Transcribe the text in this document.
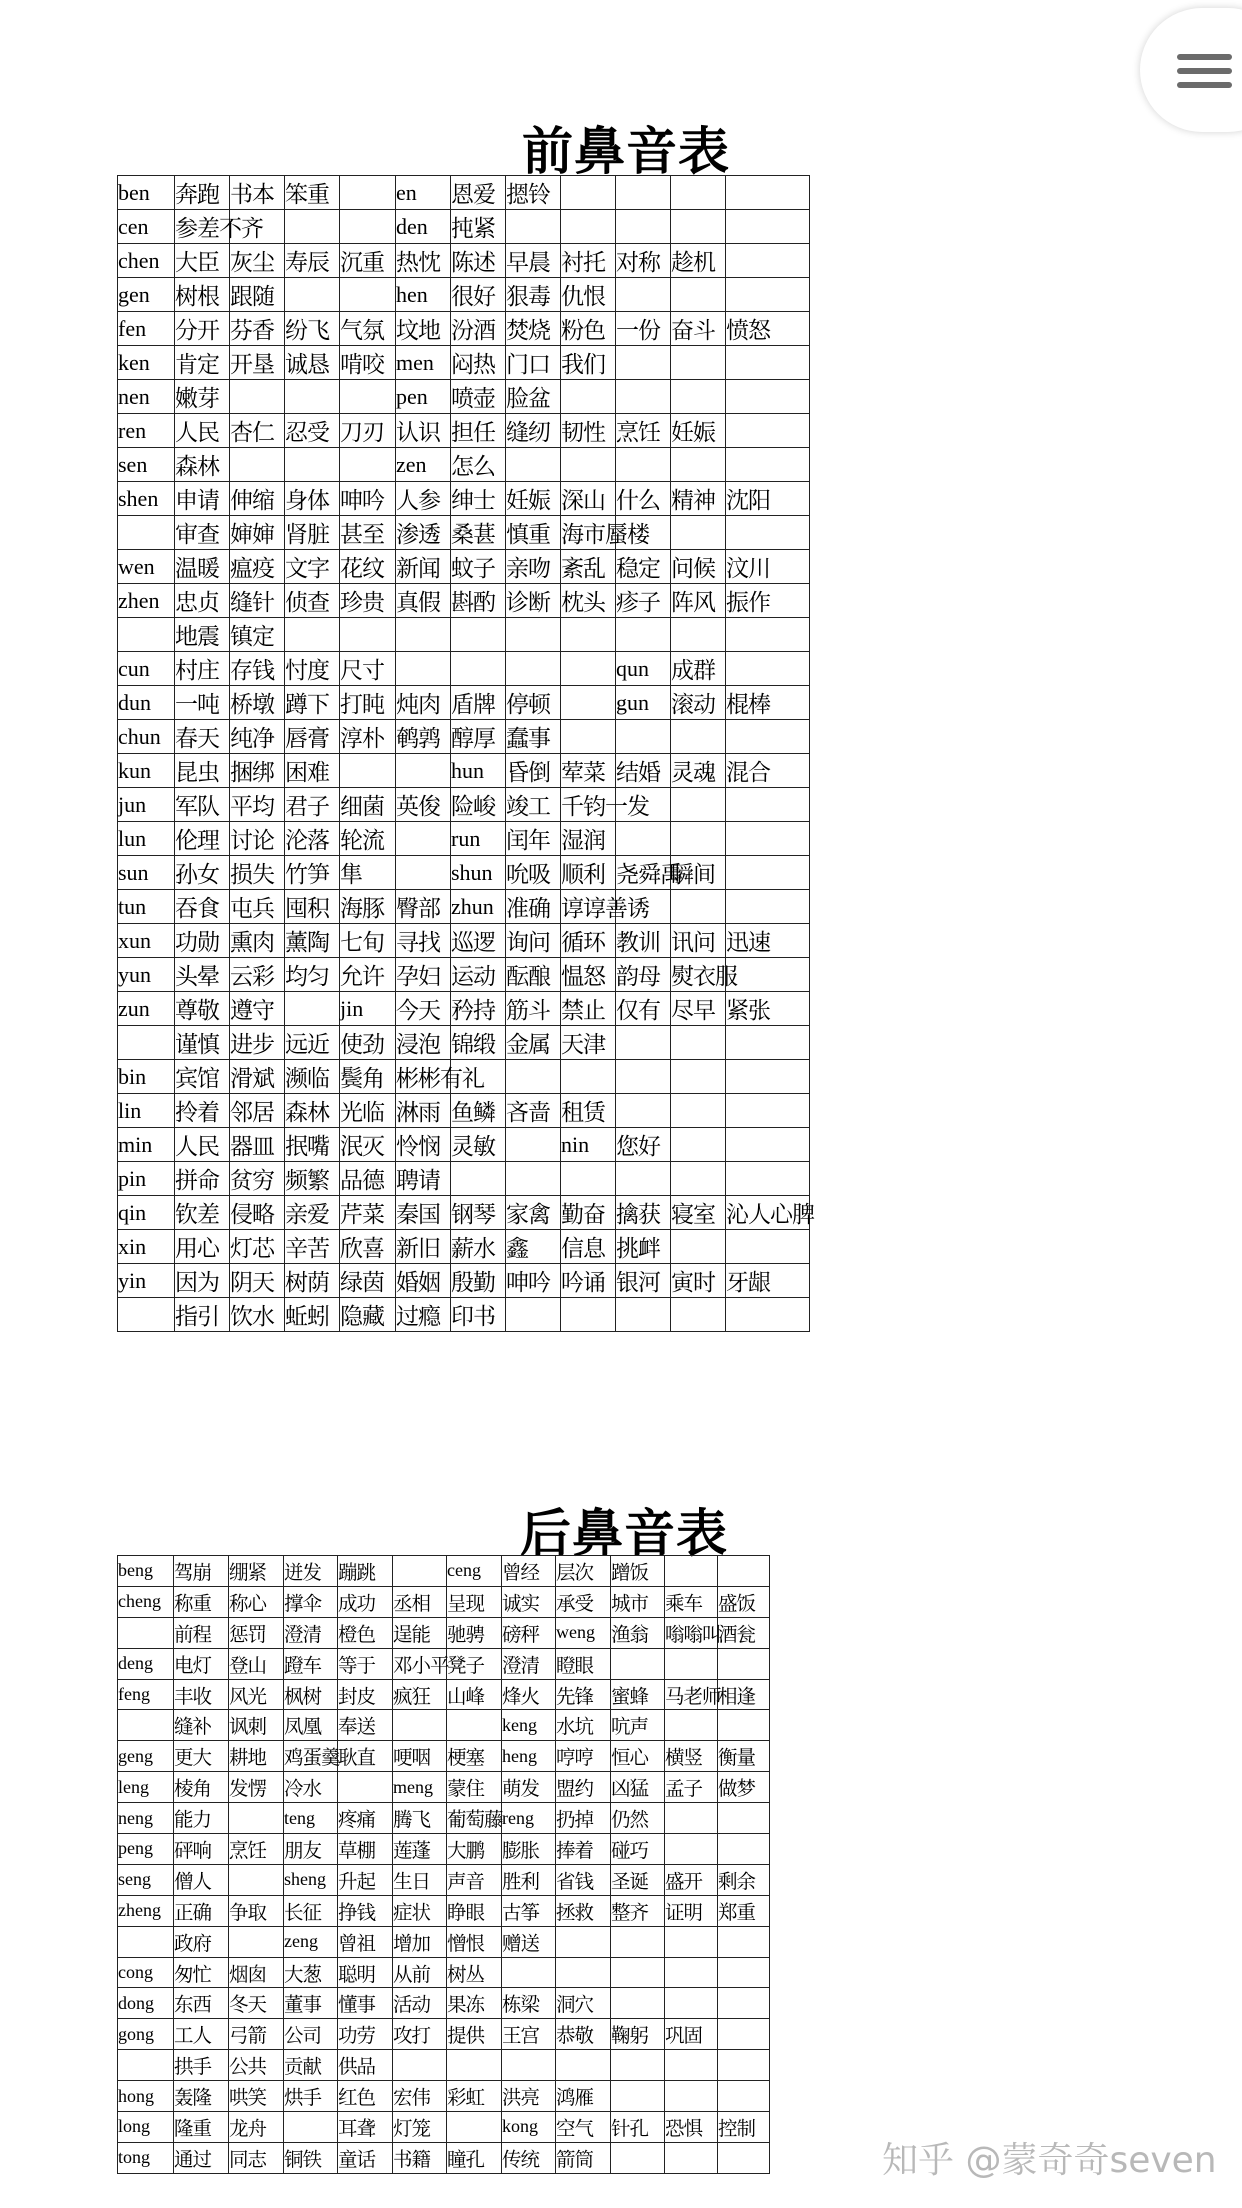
前鼻音表
ben	奔跑	书本	笨重		en	恩爱	摁铃				
cen	参差不齐				den	扽紧					
chen	大臣	灰尘	寿辰	沉重	热忱	陈述	早晨	衬托	对称	趁机	
gen	树根	跟随			hen	很好	狠毒	仇恨			
fen	分开	芬香	纷飞	气氛	坟地	汾酒	焚烧	粉色	一份	奋斗	愤怒
ken	肯定	开垦	诚恳	啃咬	men	闷热	门口	我们			
nen	嫩芽				pen	喷壶	脸盆				
ren	人民	杏仁	忍受	刀刃	认识	担任	缝纫	韧性	烹饪	妊娠	
sen	森林				zen	怎么					
shen	申请	伸缩	身体	呻吟	人参	绅士	妊娠	深山	什么	精神	沈阳
	审查	婶婶	肾脏	甚至	渗透	桑葚	慎重	海市蜃楼			
wen	温暖	瘟疫	文字	花纹	新闻	蚊子	亲吻	紊乱	稳定	问候	汶川
zhen	忠贞	缝针	侦查	珍贵	真假	斟酌	诊断	枕头	疹子	阵风	振作
	地震	镇定									
cun	村庄	存钱	忖度	尺寸					qun	成群	
dun	一吨	桥墩	蹲下	打盹	炖肉	盾牌	停顿		gun	滚动	棍棒
chun	春天	纯净	唇膏	淳朴	鹌鹑	醇厚	蠢事				
kun	昆虫	捆绑	困难			hun	昏倒	荤菜	结婚	灵魂	混合
jun	军队	平均	君子	细菌	英俊	险峻	竣工	千钧一发			
lun	伦理	讨论	沦落	轮流		run	闰年	湿润			
sun	孙女	损失	竹笋	隼		shun	吮吸	顺利	尧舜禹	瞬间	
tun	吞食	屯兵	囤积	海豚	臀部	zhun	准确	谆谆善诱			
xun	功勋	熏肉	薰陶	七旬	寻找	巡逻	询问	循环	教训	讯问	迅速
yun	头晕	云彩	均匀	允许	孕妇	运动	酝酿	愠怒	韵母	熨衣服	
zun	尊敬	遵守		jin	今天	矜持	筋斗	禁止	仅有	尽早	紧张
	谨慎	进步	远近	使劲	浸泡	锦缎	金属	天津			
bin	宾馆	滑斌	濒临	鬓角	彬彬有礼						
lin	拎着	邻居	森林	光临	淋雨	鱼鳞	吝啬	租赁			
min	人民	器皿	抿嘴	泯灭	怜悯	灵敏		nin	您好		
pin	拼命	贫穷	频繁	品德	聘请						
qin	钦差	侵略	亲爱	芹菜	秦国	钢琴	家禽	勤奋	擒获	寝室	沁人心脾
xin	用心	灯芯	辛苦	欣喜	新旧	薪水	鑫	信息	挑衅		
yin	因为	阴天	树荫	绿茵	婚姻	殷勤	呻吟	吟诵	银河	寅时	牙龈
	指引	饮水	蚯蚓	隐藏	过瘾	印书					
后鼻音表
beng	驾崩	绷紧	迸发	蹦跳		ceng	曾经	层次	蹭饭		
cheng	称重	称心	撑伞	成功	丞相	呈现	诚实	承受	城市	乘车	盛饭
	前程	惩罚	澄清	橙色	逞能	驰骋	磅秤	weng	渔翁	嗡嗡叫	酒瓮
deng	电灯	登山	蹬车	等于	邓小平	凳子	澄清	瞪眼			
feng	丰收	风光	枫树	封皮	疯狂	山峰	烽火	先锋	蜜蜂	马老师	相逢
	缝补	讽刺	凤凰	奉送			keng	水坑	吭声		
geng	更大	耕地	鸡蛋羹	耿直	哽咽	梗塞	heng	哼哼	恒心	横竖	衡量
leng	棱角	发愣	冷水		meng	蒙住	萌发	盟约	凶猛	孟子	做梦
neng	能力		teng	疼痛	腾飞	葡萄藤	reng	扔掉	仍然		
peng	砰响	烹饪	朋友	草棚	莲蓬	大鹏	膨胀	捧着	碰巧		
seng	僧人		sheng	升起	生日	声音	胜利	省钱	圣诞	盛开	剩余
zheng	正确	争取	长征	挣钱	症状	睁眼	古筝	拯救	整齐	证明	郑重
	政府		zeng	曾祖	增加	憎恨	赠送				
cong	匆忙	烟囱	大葱	聪明	从前	树丛					
dong	东西	冬天	董事	懂事	活动	果冻	栋梁	洞穴			
gong	工人	弓箭	公司	功劳	攻打	提供	王宫	恭敬	鞠躬	巩固	
	拱手	公共	贡献	供品							
hong	轰隆	哄笑	烘手	红色	宏伟	彩虹	洪亮	鸿雁			
long	隆重	龙舟		耳聋	灯笼		kong	空气	针孔	恐惧	控制
tong	通过	同志	铜铁	童话	书籍	瞳孔	传统	箭筒				知乎 @蒙奇奇seven
